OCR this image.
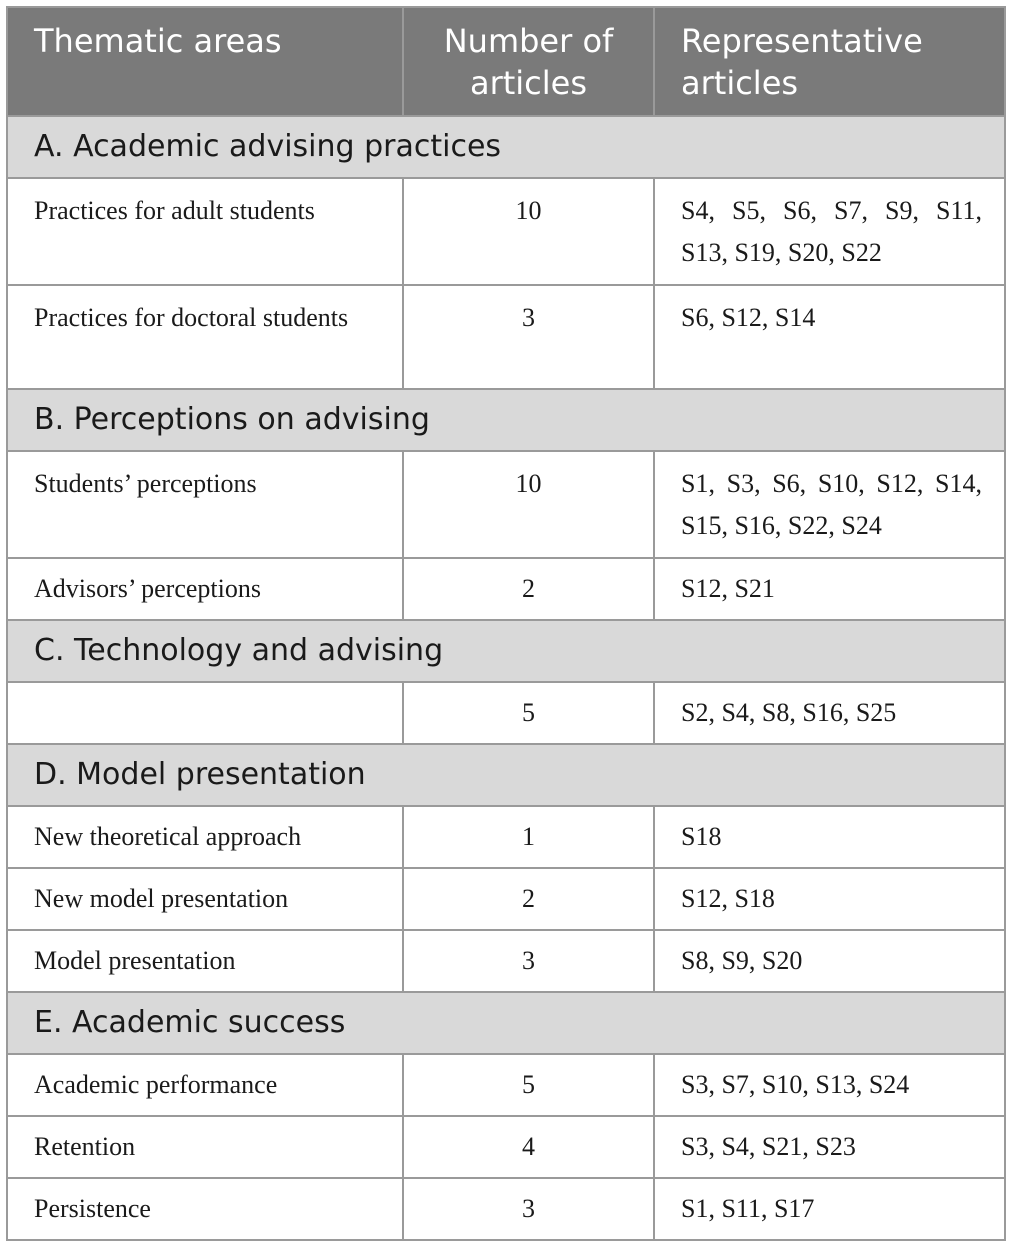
Thematic areas	Number of articles	Representative articles
A. Academic advising practices		
Practices for adult students	10	S4, S5, S6, S7, S9, S11, S13, S19, S20, S22
Practices for doctoral students	3	S6, S12, S14
B. Perceptions on advising		
Students’ perceptions	10	S1, S3, S6, S10, S12, S14, S15, S16, S22, S24
Advisors’ perceptions	2	S12, S21
C. Technology and advising		
	5	S2, S4, S8, S16, S25
D. Model presentation		
New theoretical approach	1	S18
New model presentation	2	S12, S18
Model presentation	3	S8, S9, S20
E. Academic success		
Academic performance	5	S3, S7, S10, S13, S24
Retention	4	S3, S4, S21, S23
Persistence	3	S1, S11, S17
